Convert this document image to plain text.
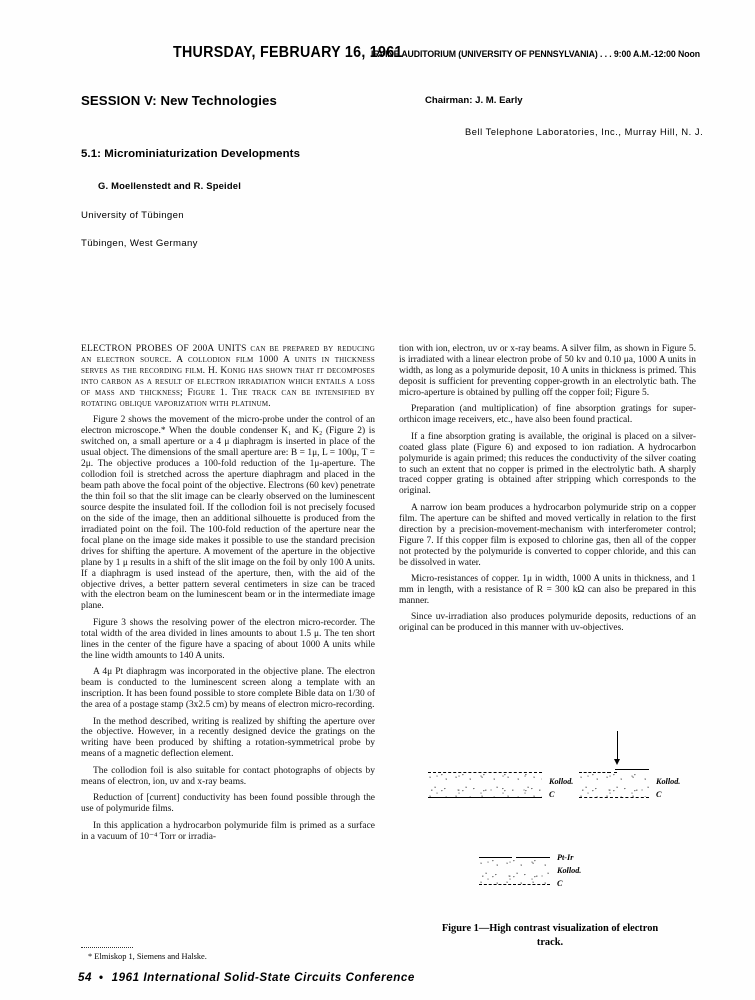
THURSDAY, FEBRUARY 16, 1961
IRVINE AUDITORIUM (UNIVERSITY OF PENNSYLVANIA) . . . 9:00 A.M.-12:00 Noon
SESSION V: New Technologies	Chairman: J. M. Early
Bell Telephone Laboratories, Inc., Murray Hill, N. J.
5.1: Microminiaturization Developments
G. Moellenstedt and R. Speidel
University of Tübingen
Tübingen, West Germany

ELECTRON PROBES OF 200A UNITS can be prepared by reducing an electron source. A collodion film 1000 A units in thickness serves as the recording film. H. Konig has shown that it decomposes into carbon as a result of electron irradiation which entails a loss of mass and thickness; Figure 1. The track can be intensified by rotating oblique vaporization with platinum.

Figure 2 shows the movement of the micro-probe under the control of an electron microscope.* When the double condenser K₁ and K₂ (Figure 2) is switched on, a small aperture or a 4 μ diaphragm is inserted in place of the usual object. The dimensions of the small aperture are: B = 1μ, L = 100μ, T = 2μ. The objective produces a 100-fold reduction of the 1μ-aperture. The collodion foil is stretched across the aperture diaphragm and placed in the beam path above the focal point of the objective. Electrons (60 kev) penetrate the thin foil so that the slit image can be clearly observed on the luminescent source despite the insulated foil. If the collodion foil is not precisely focused on the side of the image, then an additional silhouette is produced from the irradiated point on the foil. The 100-fold reduction of the aperture near the focal plane on the image side makes it possible to use the standard precision drives for shifting the aperture. A movement of the aperture in the objective plane by 1 μ results in a shift of the slit image on the foil by only 100 A units. If a diaphragm is used instead of the aperture, then, with the aid of the objective drives, a better pattern several centimeters in size can be traced with the electron beam on the luminescent beam or in the intermediate image plane.

Figure 3 shows the resolving power of the electron micro-recorder. The total width of the area divided in lines amounts to about 1.5 μ. The ten short lines in the center of the figure have a spacing of about 1000 A units while the line width amounts to 140 A units.

A 4μ Pt diaphragm was incorporated in the objective plane. The electron beam is conducted to the luminescent screen along a template with an inscription. It has been found possible to store complete Bible data on 1/30 of the area of a postage stamp (3x2.5 cm) by means of electron micro-recording.

In the method described, writing is realized by shifting the aperture over the objective. However, in a recently designed device the gratings on the writing have been produced by shifting a rotation-symmetrical probe by means of a magnetic deflection element.

The collodion foil is also suitable for contact photographs of objects by means of electron, ion, uv and x-ray beams.

Reduction of [current] conductivity has been found possible through the use of polymuride films.

In this application a hydrocarbon polymuride film is primed as a surface in a vacuum of 10⁻⁴ Torr or irradia-

tion with ion, electron, uv or x-ray beams. A silver film, as shown in Figure 5. is irradiated with a linear electron probe of 50 kv and 0.10 μa, 1000 A units in width, as long as a polymuride deposit, 10 A units in thickness is primed. This deposit is sufficient for preventing copper-growth in an electrolytic bath. The micro-aperture is obtained by pulling off the copper foil; Figure 5.

Preparation (and multiplication) of fine absorption gratings for super-orthicon image receivers, etc., have also been found practical.

If a fine absorption grating is available, the original is placed on a silver-coated glass plate (Figure 6) and exposed to ion radiation. A hydrocarbon polymuride is again primed; this reduces the conductivity of the silver coating to such an extent that no copper is primed in the electrolytic bath. A sharply traced copper grating is obtained after stripping which corresponds to the original.

A narrow ion beam produces a hydrocarbon polymuride strip on a copper film. The aperture can be shifted and moved vertically in relation to the first direction by a precision-movement-mechanism with interferometer control; Figure 7. If this copper film is exposed to chlorine gas, then all of the copper not protected by the polymuride is converted to copper chloride, and this can be dissolved in water.

Micro-resistances of copper. 1μ in width, 1000 A units in thickness, and 1 mm in length, with a resistance of R = 300 kΩ can also be prepared in this manner.

Since uv-irradiation also produces polymuride deposits, reductions of an original can be produced in this manner with uv-objectives.

* Elmiskop 1, Siemens and Halske.
54 • 1961 International Solid-State Circuits Conference
Kollod.
C
Kollod.
C
Pt-Ir
Kollod.
C
Figure 1—High contrast visualization of electron
track.
